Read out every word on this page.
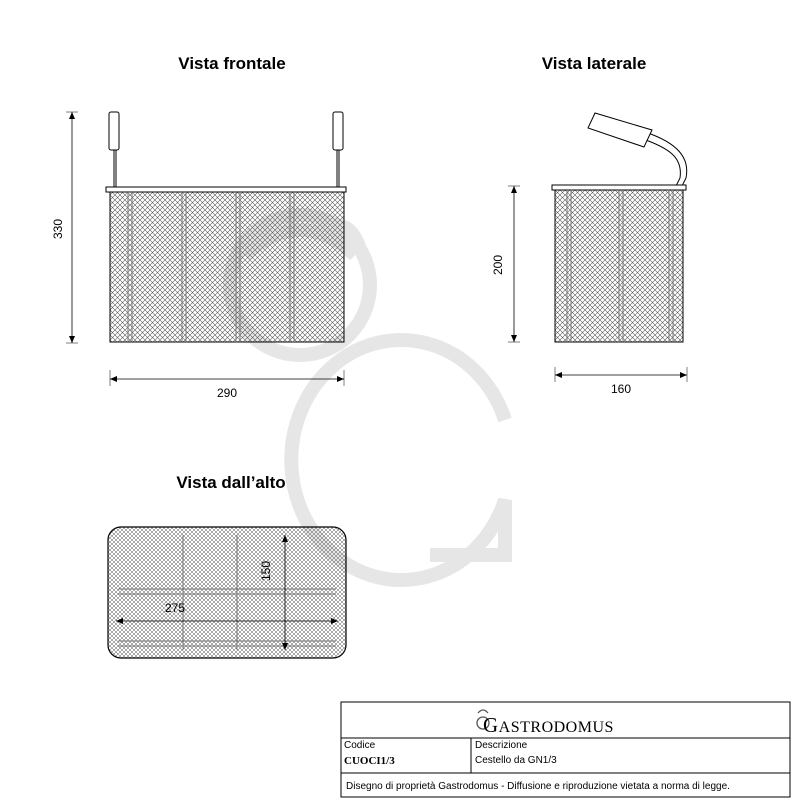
Vista frontale
330
290
Vista laterale
200
160
Vista dall’alto
275
150
GASTRODOMUS
Codice
CUOCI1/3
Descrizione
Cestello da GN1/3
Disegno di proprietà Gastrodomus - Diffusione e riproduzione vietata a norma di legge.
